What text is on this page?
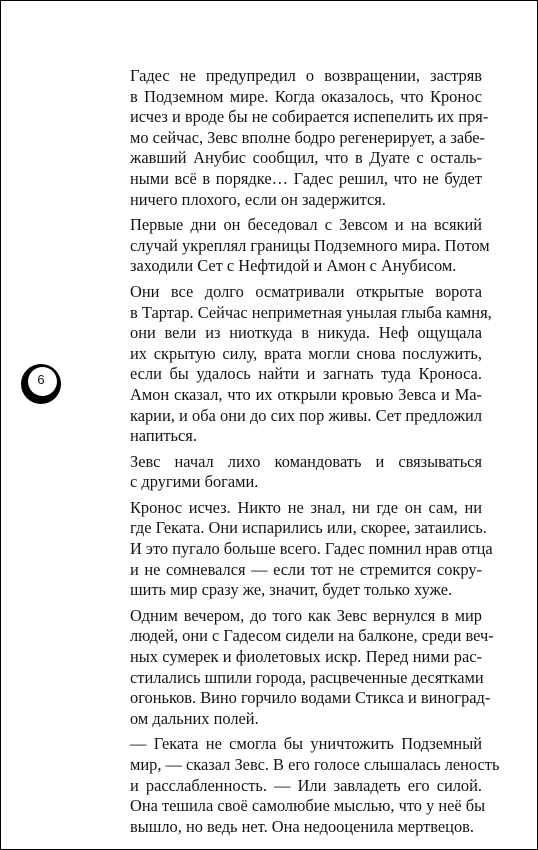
6

Гадес не предупредил о возвращении, застряв
в Подземном мире. Когда оказалось, что Кронос
исчез и вроде бы не собирается испепелить их пря-
мо сейчас, Зевс вполне бодро регенерирует, а забе-
жавший Анубис сообщил, что в Дуате с осталь-
ными всё в порядке… Гадес решил, что не будет
ничего плохого, если он задержится.

Первые дни он беседовал с Зевсом и на всякий
случай укреплял границы Подземного мира. Потом
заходили Сет с Нефтидой и Амон с Анубисом.

Они все долго осматривали открытые ворота
в Тартар. Сейчас неприметная унылая глыба камня,
они вели из ниоткуда в никуда. Неф ощущала
их скрытую силу, врата могли снова послужить,
если бы удалось найти и загнать туда Кроноса.
Амон сказал, что их открыли кровью Зевса и Ма-
карии, и оба они до сих пор живы. Сет предложил
напиться.

Зевс начал лихо командовать и связываться
с другими богами.

Кронос исчез. Никто не знал, ни где он сам, ни
где Геката. Они испарились или, скорее, затаились.
И это пугало больше всего. Гадес помнил нрав отца
и не сомневался — если тот не стремится сокру-
шить мир сразу же, значит, будет только хуже.

Одним вечером, до того как Зевс вернулся в мир
людей, они с Гадесом сидели на балконе, среди веч-
ных сумерек и фиолетовых искр. Перед ними рас-
стилались шпили города, расцвеченные десятками
огоньков. Вино горчило водами Стикса и виноград-
ом дальних полей.

— Геката не смогла бы уничтожить Подземный
мир, — сказал Зевс. В его голосе слышалась леность
и расслабленность. — Или завладеть его силой.
Она тешила своё самолюбие мыслью, что у неё бы
вышло, но ведь нет. Она недооценила мертвецов.
